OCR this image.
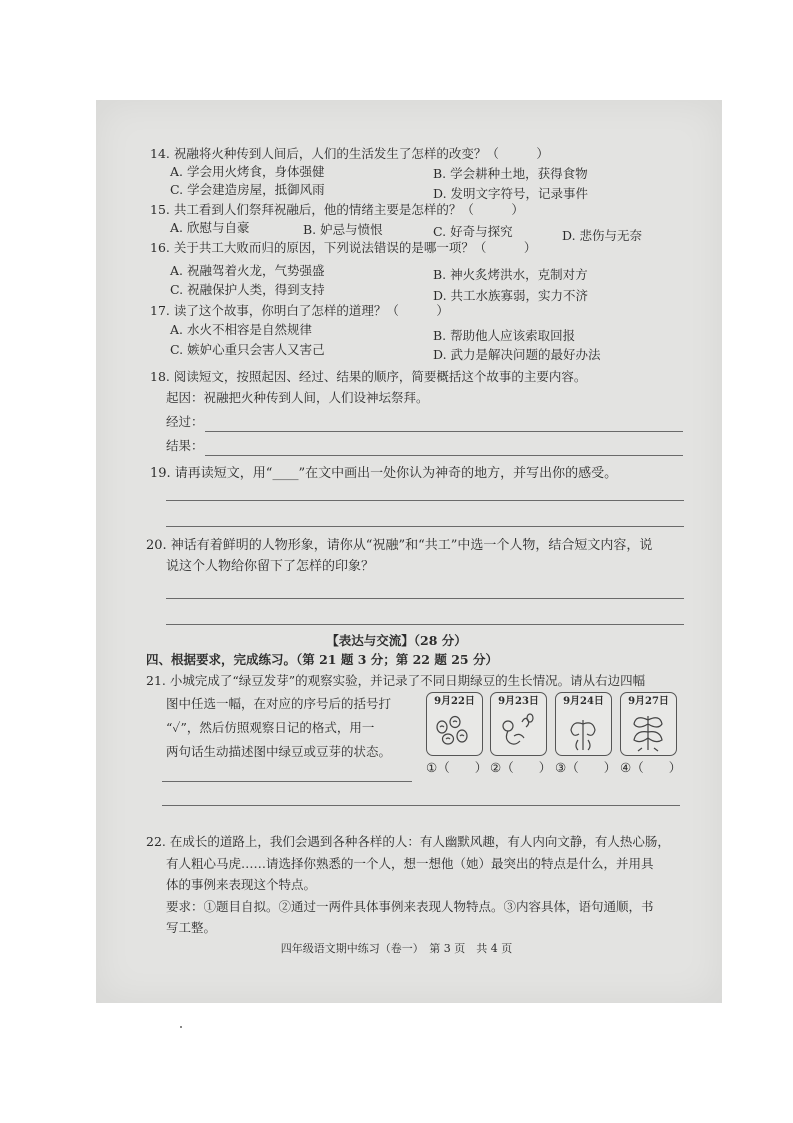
14. 祝融将火种传到人间后，人们的生活发生了怎样的改变？（　　　）
A. 学会用火烤食，身体强健	B. 学会耕种土地，获得食物
C. 学会建造房屋，抵御风雨	D. 发明文字符号，记录事件
15. 共工看到人们祭拜祝融后，他的情绪主要是怎样的？（　　　）
A. 欣慰与自豪	B. 妒忌与愤恨	C. 好奇与探究	D. 悲伤与无奈
16. 关于共工大败而归的原因，下列说法错误的是哪一项？（　　　）
A. 祝融驾着火龙，气势强盛	B. 神火炙烤洪水，克制对方
C. 祝融保护人类，得到支持	D. 共工水族寡弱，实力不济
17. 读了这个故事，你明白了怎样的道理？（　　　）
A. 水火不相容是自然规律	B. 帮助他人应该索取回报
C. 嫉妒心重只会害人又害己	D. 武力是解决问题的最好办法
18. 阅读短文，按照起因、经过、结果的顺序，简要概括这个故事的主要内容。
起因：祝融把火种传到人间，人们设神坛祭拜。
经过：
结果：
19. 请再读短文，用“____”在文中画出一处你认为神奇的地方，并写出你的感受。
20. 神话有着鲜明的人物形象，请你从“祝融”和“共工”中选一个人物，结合短文内容，说
说这个人物给你留下了怎样的印象？
【表达与交流】（28 分）
四、根据要求，完成练习。（第 21 题 3 分；第 22 题 25 分）
21. 小城完成了“绿豆发芽”的观察实验，并记录了不同日期绿豆的生长情况。请从右边四幅
图中任选一幅，在对应的序号后的括号打
“✓”，然后仿照观察日记的格式，用一
两句话生动描述图中绿豆或豆芽的状态。
9月22日	9月23日	9月24日	9月27日
①（　　） ②（　　） ③（　　） ④（　　）
22. 在成长的道路上，我们会遇到各种各样的人：有人幽默风趣，有人内向文静，有人热心肠，
有人粗心马虎……请选择你熟悉的一个人，想一想他（她）最突出的特点是什么，并用具
体的事例来表现这个特点。
要求：①题目自拟。②通过一两件具体事例来表现人物特点。③内容具体，语句通顺，书
写工整。
四年级语文期中练习（卷一）　第 3 页　共 4 页
